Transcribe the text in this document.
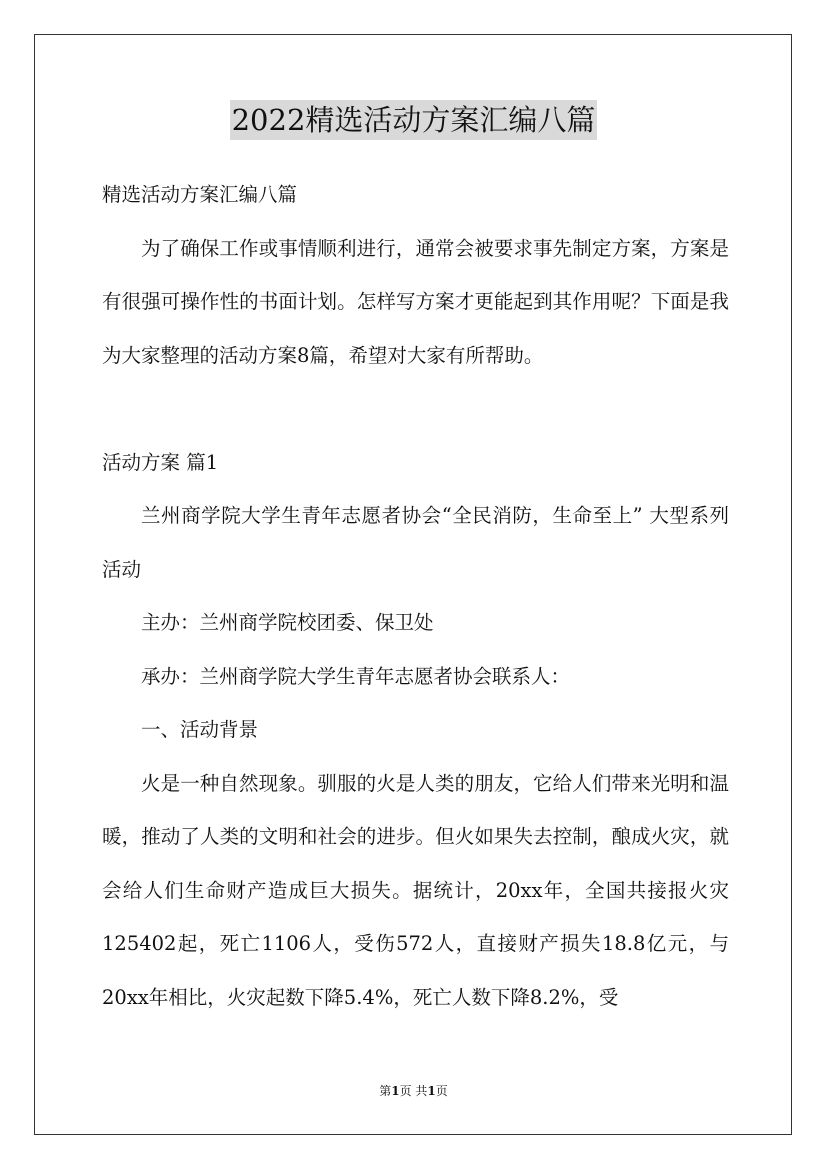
2022精选活动方案汇编八篇

精选活动方案汇编八篇

为了确保工作或事情顺利进行，通常会被要求事先制定方案，方案是有很强可操作性的书面计划。怎样写方案才更能起到其作用呢？下面是我为大家整理的活动方案8篇，希望对大家有所帮助。

活动方案 篇1

兰州商学院大学生青年志愿者协会“全民消防，生命至上” 大型系列活动

主办：兰州商学院校团委、保卫处

承办：兰州商学院大学生青年志愿者协会联系人：

一、活动背景

火是一种自然现象。驯服的火是人类的朋友，它给人们带来光明和温暖，推动了人类的文明和社会的进步。但火如果失去控制，酿成火灾，就会给人们生命财产造成巨大损失。据统计，20xx年，全国共接报火灾125402起，死亡1106人，受伤572人，直接财产损失18.8亿元，与20xx年相比，火灾起数下降5.4%，死亡人数下降8.2%，受

第1页 共1页
